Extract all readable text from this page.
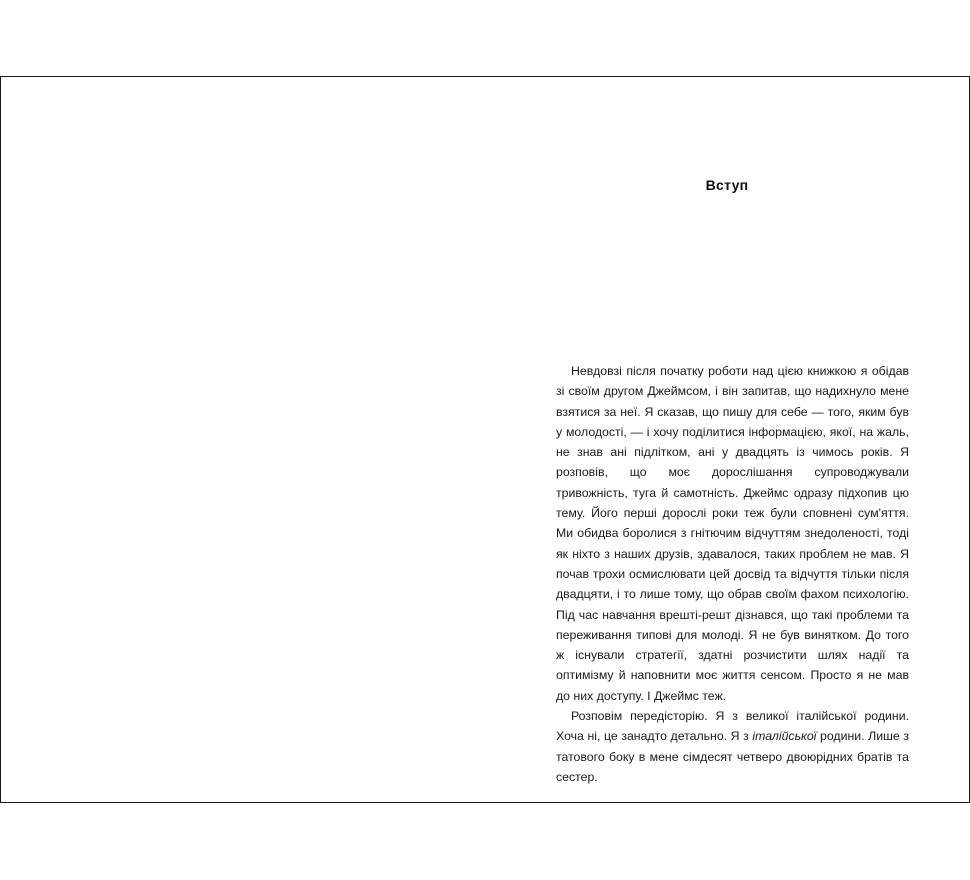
Вступ

Невдовзі після початку роботи над цією книжкою я обідав зі своїм другом Джеймсом, і він запитав, що надихнуло мене взятися за неї. Я сказав, що пишу для себе — того, яким був у молодості, — і хочу поділитися інформацією, якої, на жаль, не знав ані підлітком, ані у двадцять із чимось років. Я розповів, що моє дорослішання супроводжували тривожність, туга й самотність. Джеймс одразу підхопив цю тему. Його перші дорослі роки теж були сповнені сум'яття. Ми обидва боролися з гнітючим відчуттям знедоленості, тоді як ніхто з наших друзів, здавалося, таких проблем не мав. Я почав трохи осмислювати цей досвід та відчуття тільки після двадцяти, і то лише тому, що обрав своїм фахом психологію. Під час навчання врешті-решт дізнався, що такі проблеми та переживання типові для молоді. Я не був винятком. До того ж існували стратегії, здатні розчистити шлях надії та оптимізму й наповнити моє життя сенсом. Просто я не мав до них доступу. І Джеймс теж.

Розповім передісторію. Я з великої італійської родини. Хоча ні, це занадто детально. Я з італійської родини. Лише з татового боку в мене сімдесят четверо двоюрідних братів та сестер.
